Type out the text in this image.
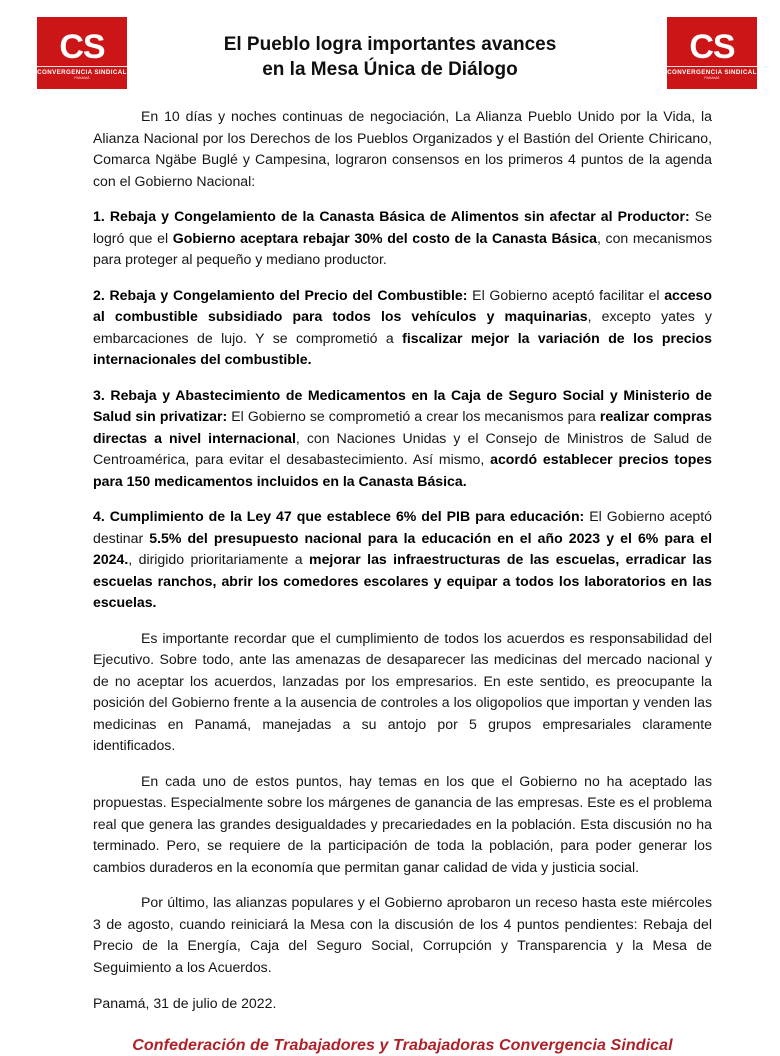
CS
CONVERGENCIA SINDICAL
PANAMÁ
El Pueblo logra importantes avances
en la Mesa Única de Diálogo
CS
CONVERGENCIA SINDICAL
PANAMÁ

En 10 días y noches continuas de negociación, La Alianza Pueblo Unido por la Vida, la Alianza Nacional por los Derechos de los Pueblos Organizados y el Bastión del Oriente Chiricano, Comarca Ngäbe Buglé y Campesina, lograron consensos en los primeros 4 puntos de la agenda con el Gobierno Nacional:

1. Rebaja y Congelamiento de la Canasta Básica de Alimentos sin afectar al Productor: Se logró que el Gobierno aceptara rebajar 30% del costo de la Canasta Básica, con mecanismos para proteger al pequeño y mediano productor.

2. Rebaja y Congelamiento del Precio del Combustible: El Gobierno aceptó facilitar el acceso al combustible subsidiado para todos los vehículos y maquinarias, excepto yates y embarcaciones de lujo. Y se comprometió a fiscalizar mejor la variación de los precios internacionales del combustible.

3. Rebaja y Abastecimiento de Medicamentos en la Caja de Seguro Social y Ministerio de Salud sin privatizar: El Gobierno se comprometió a crear los mecanismos para realizar compras directas a nivel internacional, con Naciones Unidas y el Consejo de Ministros de Salud de Centroamérica, para evitar el desabastecimiento. Así mismo, acordó establecer precios topes para 150 medicamentos incluidos en la Canasta Básica.

4. Cumplimiento de la Ley 47 que establece 6% del PIB para educación: El Gobierno aceptó destinar 5.5% del presupuesto nacional para la educación en el año 2023 y el 6% para el 2024., dirigido prioritariamente a mejorar las infraestructuras de las escuelas, erradicar las escuelas ranchos, abrir los comedores escolares y equipar a todos los laboratorios en las escuelas.

Es importante recordar que el cumplimiento de todos los acuerdos es responsabilidad del Ejecutivo. Sobre todo, ante las amenazas de desaparecer las medicinas del mercado nacional y de no aceptar los acuerdos, lanzadas por los empresarios. En este sentido, es preocupante la posición del Gobierno frente a la ausencia de controles a los oligopolios que importan y venden las medicinas en Panamá, manejadas a su antojo por 5 grupos empresariales claramente identificados.

En cada uno de estos puntos, hay temas en los que el Gobierno no ha aceptado las propuestas. Especialmente sobre los márgenes de ganancia de las empresas. Este es el problema real que genera las grandes desigualdades y precariedades en la población. Esta discusión no ha terminado. Pero, se requiere de la participación de toda la población, para poder generar los cambios duraderos en la economía que permitan ganar calidad de vida y justicia social.

Por último, las alianzas populares y el Gobierno aprobaron un receso hasta este miércoles 3 de agosto, cuando reiniciará la Mesa con la discusión de los 4 puntos pendientes: Rebaja del Precio de la Energía, Caja del Seguro Social, Corrupción y Transparencia y la Mesa de Seguimiento a los Acuerdos.

Panamá, 31 de julio de 2022.

Confederación de Trabajadores y Trabajadoras Convergencia Sindical
